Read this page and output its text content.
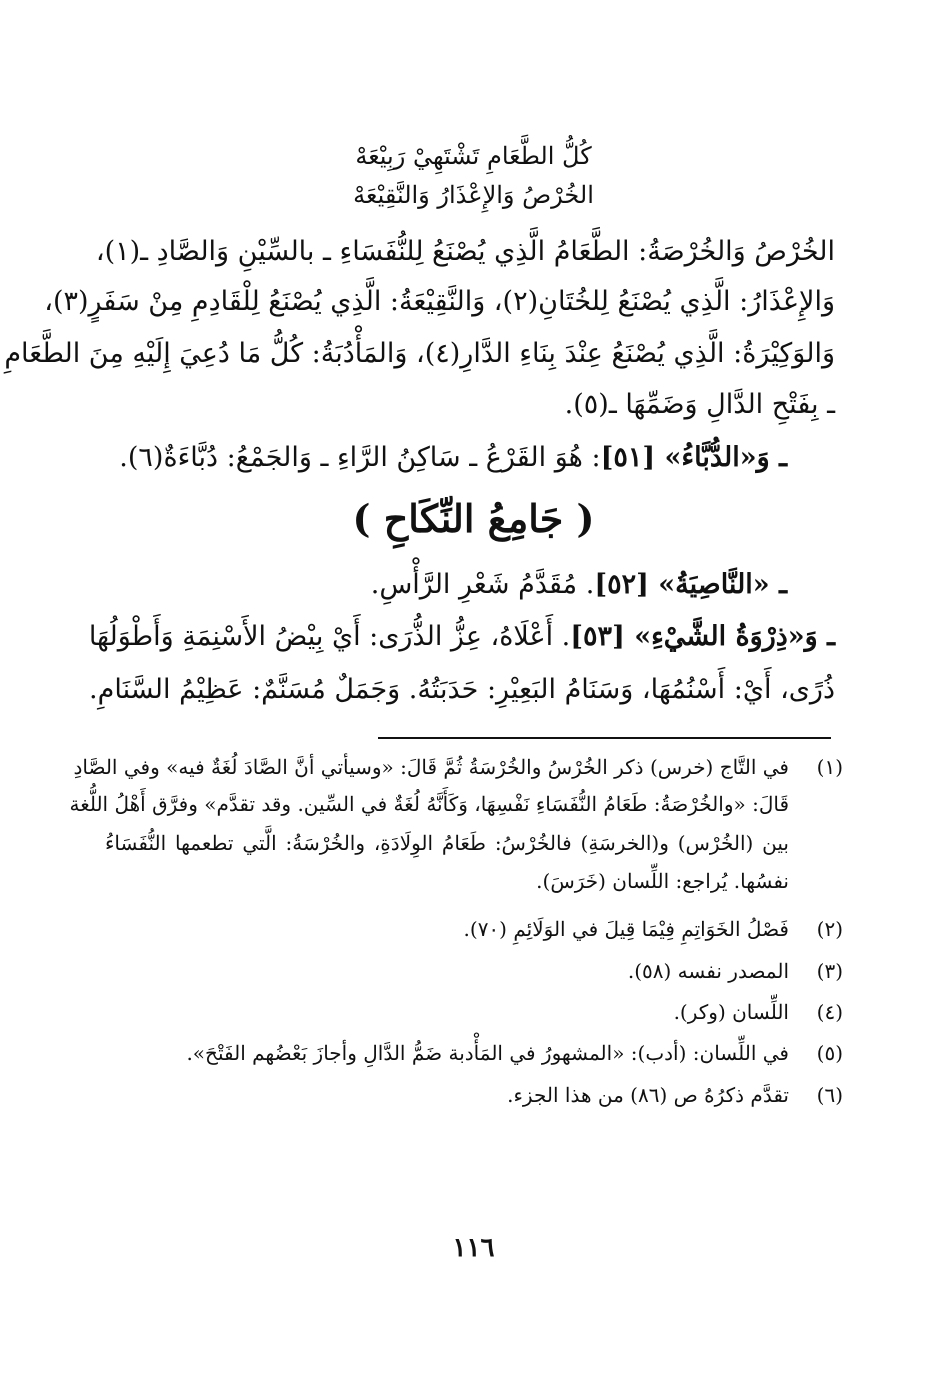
كُلُّ الطَّعَامِ تَشْتَهِيْ رَبِيْعَهْ
الخُرْصُ وَالإِعْذَارُ وَالنَّقِيْعَهْ
الخُرْصُ وَالخُرْصَةُ: الطَّعَامُ الَّذِي يُصْنَعُ لِلنُّفَسَاءِ ـ بالسِّيْنِ وَالصَّادِ ـ(١)،
وَالإِعْذَارُ: الَّذِي يُصْنَعُ لِلخُتَانِ(٢)، وَالنَّقِيْعَةُ: الَّذِي يُصْنَعُ لِلْقَادِمِ مِنْ سَفَرٍ(٣)،
وَالوَكِيْرَةُ: الَّذِي يُصْنَعُ عِنْدَ بِنَاءِ الدَّارِ(٤)، وَالمَأْدُبَةُ: كُلُّ مَا دُعِيَ إِلَيْهِ مِنَ الطَّعَامِ
ـ بِفَتْحِ الدَّالِ وَضَمِّهَا ـ(٥).
ـ وَ«الدُّبَّاءُ» [٥١]: هُوَ القَرْعُ ـ سَاكِنُ الرَّاءِ ـ وَالجَمْعُ: دُبَّاءَةٌ(٦).
( جَامِعُ النِّكَاحِ )
ـ «النَّاصِيَةُ» [٥٢]. مُقَدَّمُ شَعْرِ الرَّأْسِ.
ـ وَ«ذِرْوَةُ الشَّيْءِ» [٥٣]. أَعْلَاهُ، عِزُّ الذُّرَى: أَيْ بِيْضُ الأَسْنِمَةِ وَأَطْوَلُهَا
ذُرًى، أَيْ: أَسْنُمُهَا، وَسَنَامُ البَعِيْرِ: حَدَبَتُهُ. وَجَمَلٌ مُسَنَّمٌ: عَظِيْمُ السَّنَامِ.
(١)
في التَّاج (خرس) ذكر الخُرْسُ والخُرْسَةُ ثُمَّ قَالَ: «وسيأتي أنَّ الصَّادَ لُغَةٌ فيه» وفي الصَّادِ
قَالَ: «والخُرْصَةُ: طَعَامُ النُّفَسَاءِ نَفْسِهَا، وَكَأَنَّهُ لُغَةٌ في السِّين. وقد تقدَّم» وفرَّق أَهْلُ اللُّغة
بين (الخُرْس) و(الخرسَةِ) فالخُرْسُ: طَعَامُ الوِلَادَةِ، والخُرْسَةُ: الَّتي تطعمها النُّفَسَاءُ
نفسُها. يُراجع: اللِّسان (خَرَسَ).
(٢)
فَصْلُ الخَوَاتِمِ فِيْمَا قِيلَ في الوَلَائِمِ (٧٠).
(٣)
المصدر نفسه (٥٨).
(٤)
اللِّسان (وكر).
(٥)
في اللِّسان: (أدب): «المشهورُ في المَأْدبة ضَمُّ الدَّالِ وأجازَ بَعْضُهم الفَتْحَ».
(٦)
تقدَّم ذكرُهُ ص (٨٦) من هذا الجزء.
١١٦
